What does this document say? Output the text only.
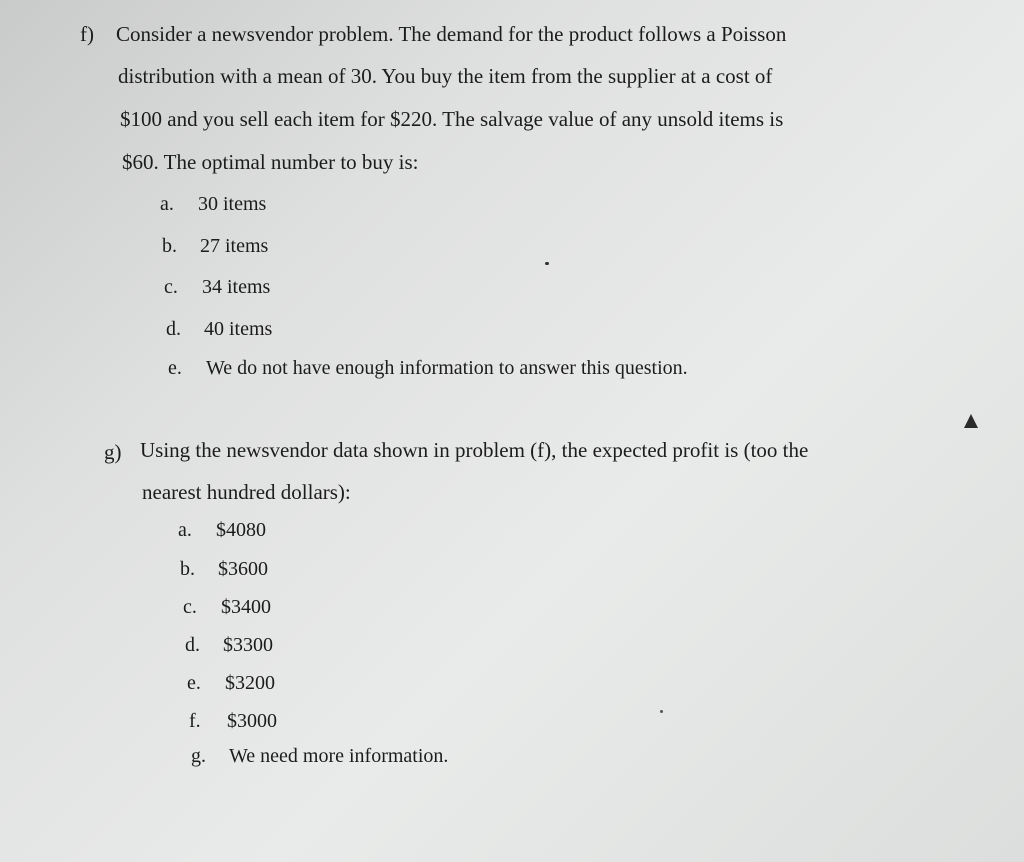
f) Consider a newsvendor problem. The demand for the product follows a Poisson
distribution with a mean of 30. You buy the item from the supplier at a cost of
$100 and you sell each item for $220. The salvage value of any unsold items is
$60. The optimal number to buy is:
a. 30 items
b. 27 items
c. 34 items
d. 40 items
e. We do not have enough information to answer this question.
g) Using the newsvendor data shown in problem (f), the expected profit is (too the
nearest hundred dollars):
a. $4080
b. $3600
c. $3400
d. $3300
e. $3200
f. $3000
g. We need more information.
